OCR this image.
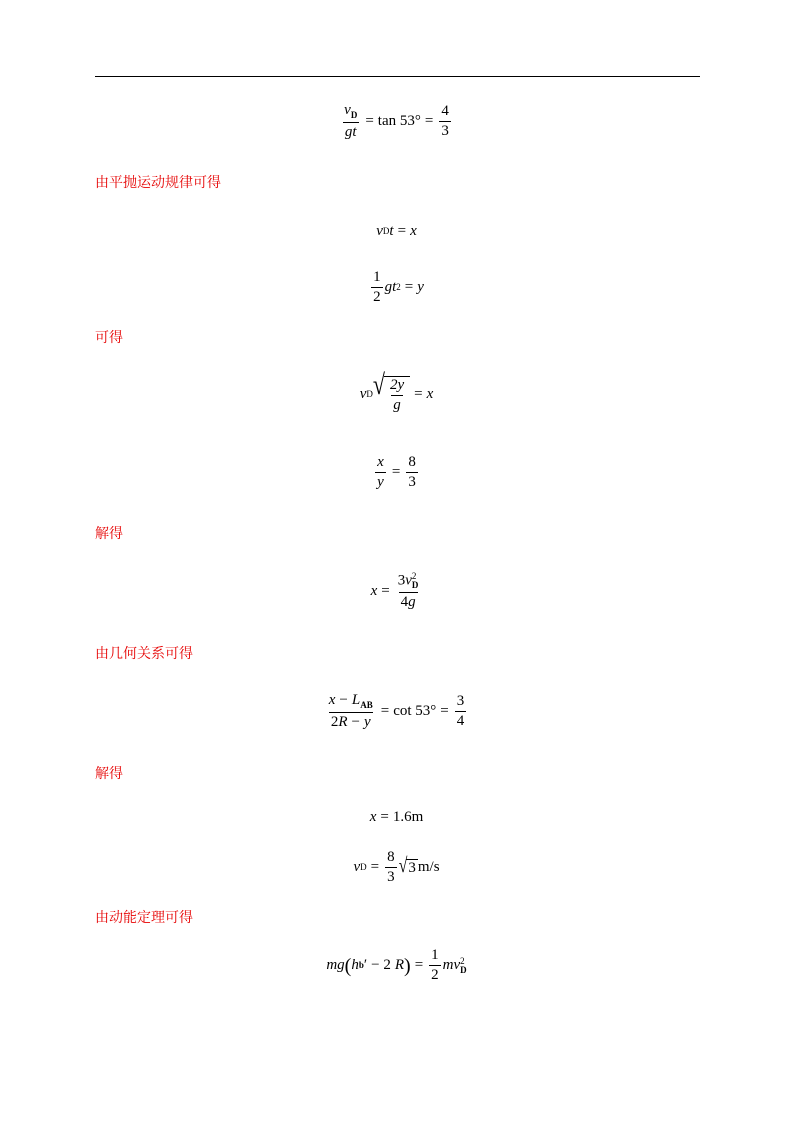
$\frac{v_D}{gt} = \tan 53^\circ = \frac{4}{3}$
由平抛运动规律可得
v D t = x
$\frac{1}{2}$ g t 2 = y
可得
v D √ $\frac{2y}{g} = x$
$\frac{x}{y} = \frac{8}{3}$
解得
x = 3v 2
D
4g
由几何关系可得
$\frac{x - L_{AB}}{2R - y} = \cot 53^\circ = \frac{3}{4}$
解得
x = 1.6m
v $D = \frac{8}{3}$ √ 3 m/s
由动能定理可得
mg ( h b ′ − 2 R ) = $\frac{1}{2}$ m v 2
D
